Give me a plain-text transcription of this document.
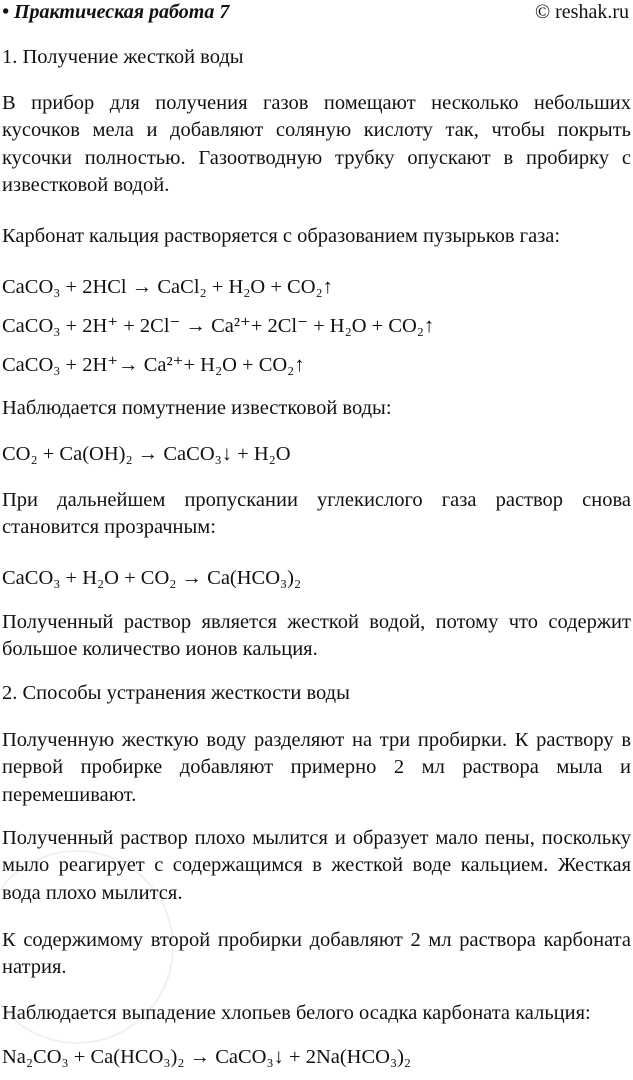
• Практическая работа 7	© reshak.ru

1. Получение жесткой воды

В прибор для получения газов помещают несколько небольших кусочков мела и добавляют соляную кислоту так, чтобы покрыть кусочки полностью. Газоотводную трубку опускают в пробирку с известковой водой.

Карбонат кальция растворяется с образованием пузырьков газа:

CaCO₃ + 2HCl → CaCl₂ + H₂O + CO₂↑

CaCO₃ + 2H⁺ + 2Cl⁻ → Ca²⁺+ 2Cl⁻ + H₂O + CO₂↑

CaCO₃ + 2H⁺→ Ca²⁺+ H₂O + CO₂↑

Наблюдается помутнение известковой воды:

CO₂ + Ca(OH)₂ → CaCO₃↓ + H₂O

При дальнейшем пропускании углекислого газа раствор снова становится прозрачным:

CaCO₃ + H₂O + CO₂ → Ca(HCO₃)₂

Полученный раствор является жесткой водой, потому что содержит большое количество ионов кальция.

2. Способы устранения жесткости воды

Полученную жесткую воду разделяют на три пробирки. К раствору в первой пробирке добавляют примерно 2 мл раствора мыла и перемешивают.

Полученный раствор плохо мылится и образует мало пены, поскольку мыло реагирует с содержащимся в жесткой воде кальцием. Жесткая вода плохо мылится.

К содержимому второй пробирки добавляют 2 мл раствора карбоната натрия.

Наблюдается выпадение хлопьев белого осадка карбоната кальция:

Na₂CO₃ + Ca(HCO₃)₂ → CaCO₃↓ + 2Na(HCO₃)₂
